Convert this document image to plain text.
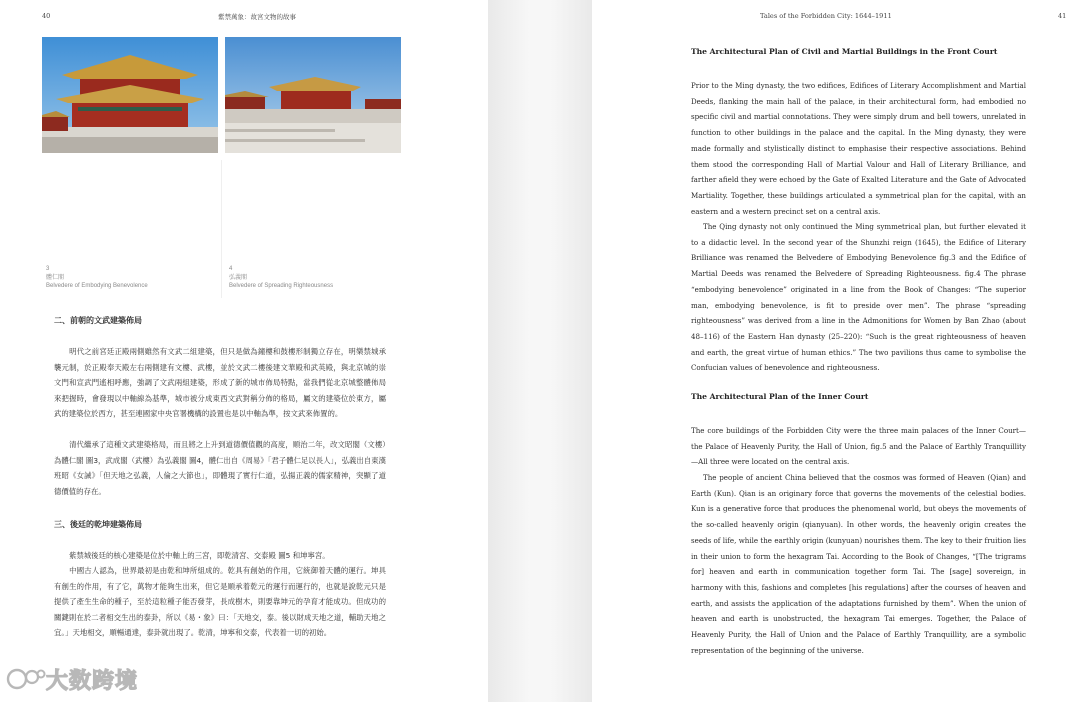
40	紫禁萬象：故宮文物的故事
3
體仁閣
Belvedere of Embodying Benevolence
4
弘義閣
Belvedere of Spreading Righteousness
二、前朝的文武建築佈局
明代之前宮廷正殿兩側雖然有文武二組建築，但只是做為鐘樓和鼓樓形制獨立存在，明樂禁城承襲元制，於正殿奉天殿左右兩側建有文樓、武樓，並於文武二樓後建文華殿和武英殿，與北京城的崇文門和宣武門遙相呼應，強調了文武兩組建築，形成了新的城市佈局特點，當我們從北京城整體佈局來把握時，會發現以中軸線為基準，城市被分成東西文武對稱分佈的格局，屬文的建築位於東方，屬武的建築位於西方，甚至連國家中央官署機構的設置也是以中軸為準，按文武來佈置的。
清代繼承了這種文武建築格局，而且將之上升到道德價值觀的高度，順治二年，改文昭閣（文樓）為體仁閣 圖3，武成閣（武樓）為弘義閣 圖4，體仁出自《周易》「君子體仁足以長人」，弘義出自東漢班昭《女誡》「但天地之弘義，人倫之大節也」，即體現了實行仁道，弘揚正義的儒家精神，突顯了道德價值的存在。
三、後廷的乾坤建築佈局
紫禁城後廷的核心建築是位於中軸上的三宮，即乾清宮、交泰殿 圖5 和坤寧宮。
中國古人認為，世界最初是由乾和坤所組成的。乾具有創始的作用，它統御着天體的運行。坤具有創生的作用，有了它，萬物才能夠生出來，但它是順承着乾元的運行而運行的，也就是說乾元只是提供了產生生命的種子，至於這粒種子能否發芽，長成樹木，則要靠坤元的孕育才能成功。但成功的關鍵則在於二者相交生出的泰卦，所以《易・象》曰：「天地交，泰。後以財成天地之道，輔助天地之宜。」天地相交，順暢通達，泰卦就出現了。乾清，坤寧和交泰，代表着一切的初始。
Tales of the Forbidden City: 1644–1911	41
The Architectural Plan of Civil and Martial Buildings in the Front Court
Prior to the Ming dynasty, the two edifices, Edifices of Literary Accomplishment and Martial Deeds, flanking the main hall of the palace, in their architectural form, had embodied no specific civil and martial connotations. They were simply drum and bell towers, unrelated in function to other buildings in the palace and the capital. In the Ming dynasty, they were made formally and stylistically distinct to emphasise their respective associations. Behind them stood the corresponding Hall of Martial Valour and Hall of Literary Brilliance, and farther afield they were echoed by the Gate of Exalted Literature and the Gate of Advocated Martiality. Together, these buildings articulated a symmetrical plan for the capital, with an eastern and a western precinct set on a central axis.
The Qing dynasty not only continued the Ming symmetrical plan, but further elevated it to a didactic level. In the second year of the Shunzhi reign (1645), the Edifice of Literary Brilliance was renamed the Belvedere of Embodying Benevolence fig.3 and the Edifice of Martial Deeds was renamed the Belvedere of Spreading Righteousness. fig.4 The phrase “embodying benevolence” originated in a line from the Book of Changes: “The superior man, embodying benevolence, is fit to preside over men”. The phrase “spreading righteousness” was derived from a line in the Admonitions for Women by Ban Zhao (about 48–116) of the Eastern Han dynasty (25–220): “Such is the great righteousness of heaven and earth, the great virtue of human ethics.” The two pavilions thus came to symbolise the Confucian values of benevolence and righteousness.
The Architectural Plan of the Inner Court
The core buildings of the Forbidden City were the three main palaces of the Inner Court—the Palace of Heavenly Purity, the Hall of Union, fig.5 and the Palace of Earthly Tranquillity—All three were located on the central axis.
The people of ancient China believed that the cosmos was formed of Heaven (Qian) and Earth (Kun). Qian is an originary force that governs the movements of the celestial bodies. Kun is a generative force that produces the phenomenal world, but obeys the movements of the so-called heavenly origin (qianyuan). In other words, the heavenly origin creates the seeds of life, while the earthly origin (kunyuan) nourishes them. The key to their fruition lies in their union to form the hexagram Tai. According to the Book of Changes, “[The trigrams for] heaven and earth in communication together form Tai. The [sage] sovereign, in harmony with this, fashions and completes [his regulations] after the courses of heaven and earth, and assists the application of the adaptations furnished by them”. When the union of heaven and earth is unobstructed, the hexagram Tai emerges. Together, the Palace of Heavenly Purity, the Hall of Union and the Palace of Earthly Tranquillity, are a symbolic representation of the beginning of the universe.
大数跨境
